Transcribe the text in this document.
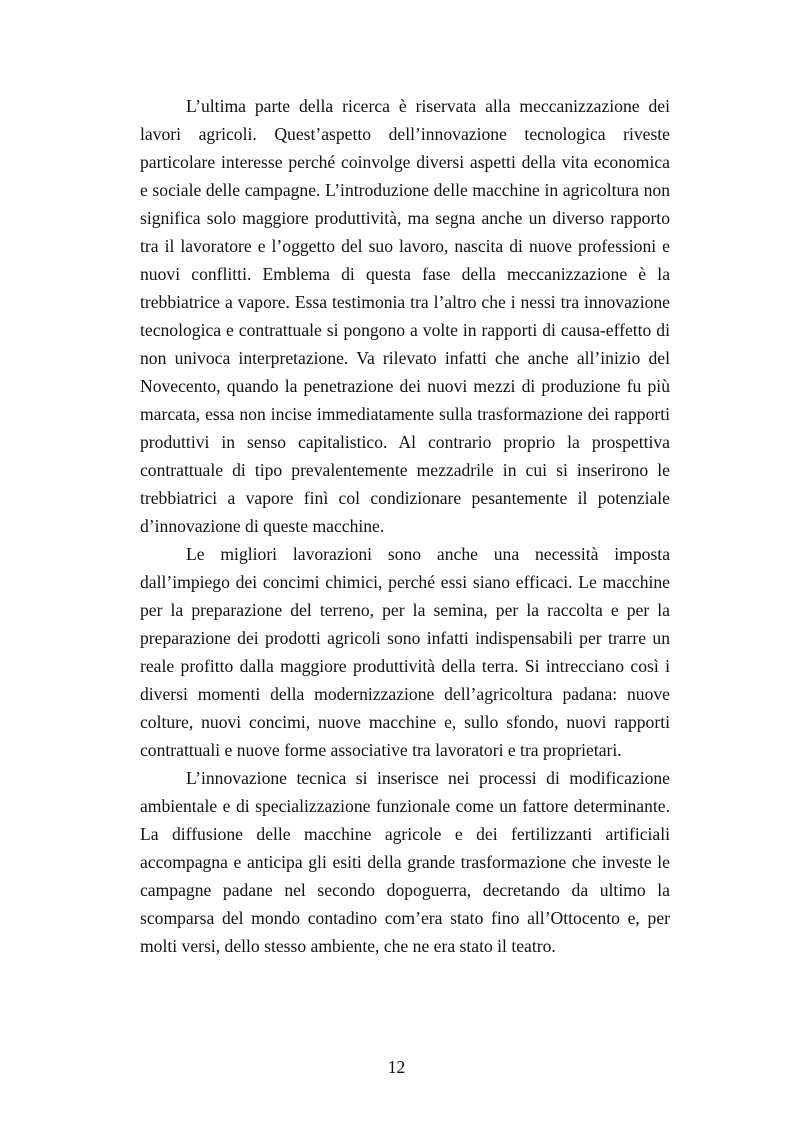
L’ultima parte della ricerca è riservata alla meccanizzazione dei lavori agricoli. Quest’aspetto dell’innovazione tecnologica riveste particolare interesse perché coinvolge diversi aspetti della vita economica e sociale delle campagne. L’introduzione delle macchine in agricoltura non significa solo maggiore produttività, ma segna anche un diverso rapporto tra il lavoratore e l’oggetto del suo lavoro, nascita di nuove professioni e nuovi conflitti. Emblema di questa fase della meccanizzazione è la trebbiatrice a vapore. Essa testimonia tra l’altro che i nessi tra innovazione tecnologica e contrattuale si pongono a volte in rapporti di causa-effetto di non univoca interpretazione. Va rilevato infatti che anche all’inizio del Novecento, quando la penetrazione dei nuovi mezzi di produzione fu più marcata, essa non incise immediatamente sulla trasformazione dei rapporti produttivi in senso capitalistico. Al contrario proprio la prospettiva contrattuale di tipo prevalentemente mezzadrile in cui si inserirono le trebbiatrici a vapore finì col condizionare pesantemente il potenziale d’innovazione di queste macchine.

Le migliori lavorazioni sono anche una necessità imposta dall’impiego dei concimi chimici, perché essi siano efficaci. Le macchine per la preparazione del terreno, per la semina, per la raccolta e per la preparazione dei prodotti agricoli sono infatti indispensabili per trarre un reale profitto dalla maggiore produttività della terra. Si intrecciano così i diversi momenti della modernizzazione dell’agricoltura padana: nuove colture, nuovi concimi, nuove macchine e, sullo sfondo, nuovi rapporti contrattuali e nuove forme associative tra lavoratori e tra proprietari.

L’innovazione tecnica si inserisce nei processi di modificazione ambientale e di specializzazione funzionale come un fattore determinante. La diffusione delle macchine agricole e dei fertilizzanti artificiali accompagna e anticipa gli esiti della grande trasformazione che investe le campagne padane nel secondo dopoguerra, decretando da ultimo la scomparsa del mondo contadino com’era stato fino all’Ottocento e, per molti versi, dello stesso ambiente, che ne era stato il teatro.

12
